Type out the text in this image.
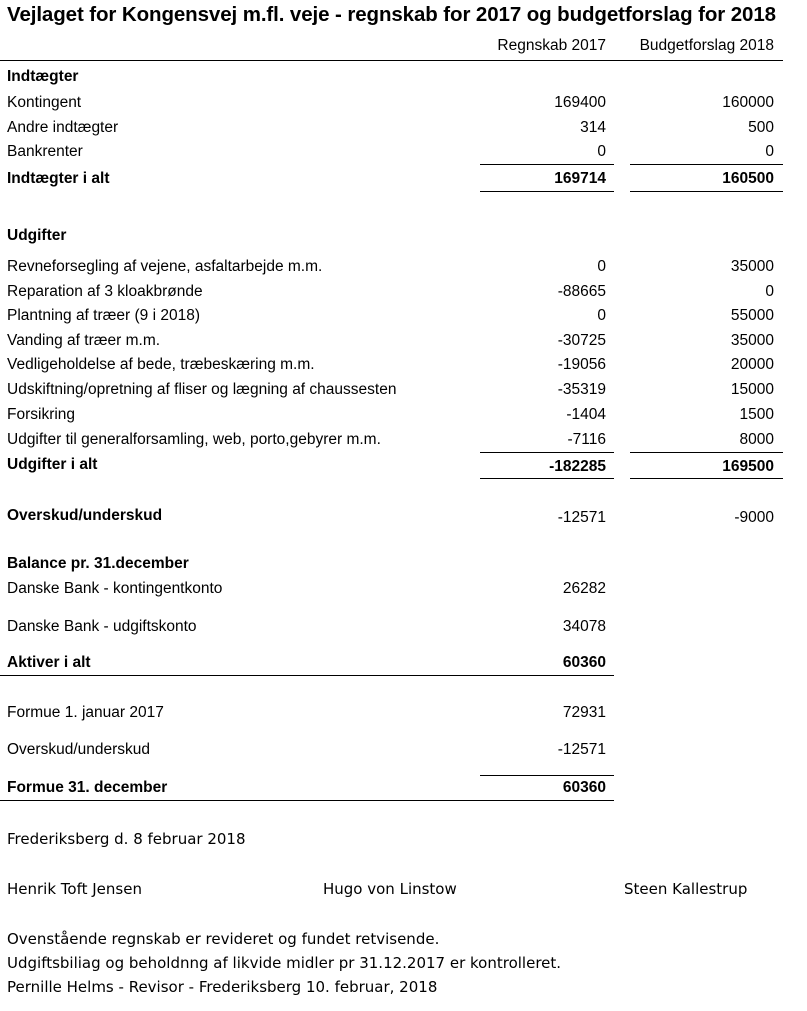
Vejlaget for Kongensvej m.fl. veje - regnskab for 2017 og budgetforslag for 2018
Regnskab 2017 Budgetforslag 2018
Indtægter
Kontingent	169400	160000
Andre indtægter	314	500
Bankrenter	0	0
Indtægter i alt	169714	160500
Udgifter
Revneforsegling af vejene, asfaltarbejde m.m.	0	35000
Reparation af 3 kloakbrønde	-88665	0
Plantning af træer (9 i 2018)	0	55000
Vanding af træer m.m.	-30725	35000
Vedligeholdelse af bede, træbeskæring m.m.	-19056	20000
Udskiftning/opretning af fliser og lægning af chaussesten	-35319	15000
Forsikring	-1404	1500
Udgifter til generalforsamling, web, porto,gebyrer m.m.	-7116	8000
Udgifter i alt	-182285	169500
Overskud/underskud	-12571	-9000
Balance pr. 31.december
Danske Bank - kontingentkonto	26282
Danske Bank - udgiftskonto	34078
Aktiver i alt	60360
Formue 1. januar 2017	72931
Overskud/underskud	-12571
Formue 31. december	60360
Frederiksberg d. 8 februar 2018
Henrik Toft Jensen	Hugo von Linstow	Steen Kallestrup
Ovenstående regnskab er revideret og fundet retvisende.
Udgiftsbiliag og beholdnng af likvide midler pr 31.12.2017 er kontrolleret.
Pernille Helms - Revisor - Frederiksberg 10. februar, 2018
